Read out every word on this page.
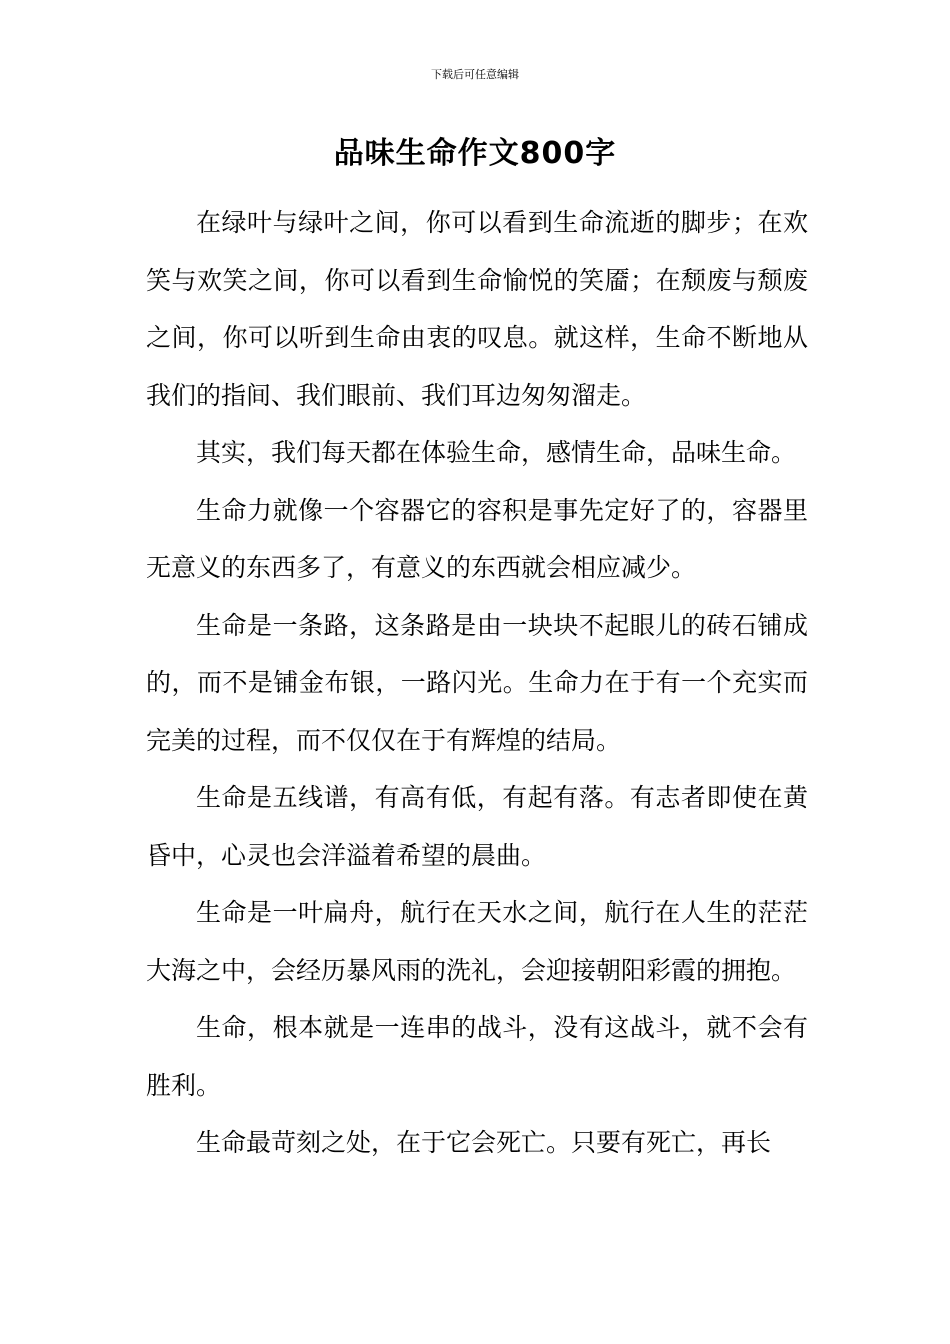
下载后可任意编辑
品味生命作文800字

在绿叶与绿叶之间，你可以看到生命流逝的脚步；在欢笑与欢笑之间，你可以看到生命愉悦的笑靥；在颓废与颓废之间，你可以听到生命由衷的叹息。就这样，生命不断地从我们的指间、我们眼前、我们耳边匆匆溜走。

其实，我们每天都在体验生命，感情生命，品味生命。

生命力就像一个容器它的容积是事先定好了的，容器里无意义的东西多了，有意义的东西就会相应减少。

生命是一条路，这条路是由一块块不起眼儿的砖石铺成的，而不是铺金布银，一路闪光。生命力在于有一个充实而完美的过程，而不仅仅在于有辉煌的结局。

生命是五线谱，有高有低，有起有落。有志者即使在黄昏中，心灵也会洋溢着希望的晨曲。

生命是一叶扁舟，航行在天水之间，航行在人生的茫茫大海之中，会经历暴风雨的洗礼，会迎接朝阳彩霞的拥抱。

生命，根本就是一连串的战斗，没有这战斗，就不会有胜利。

生命最苛刻之处，在于它会死亡。只要有死亡，再长
